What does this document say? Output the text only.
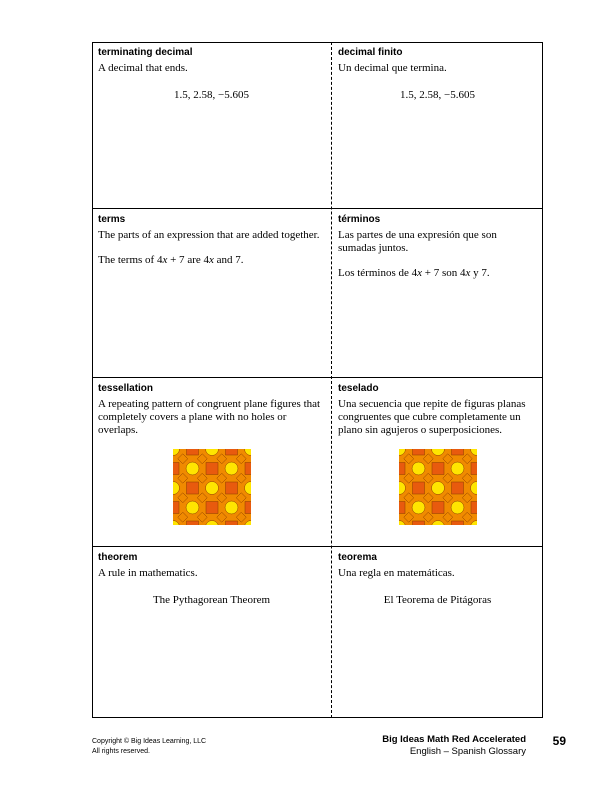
terminating decimal

A decimal that ends.

1.5, 2.58, −5.605
decimal finito

Un decimal que termina.

1.5, 2.58, −5.605
terms

The parts of an expression that are added together.

The terms of 4x + 7 are 4x and 7.
términos

Las partes de una expresión que son sumadas juntos.

Los términos de 4x + 7 son 4x y 7.
tessellation

A repeating pattern of congruent plane figures that completely covers a plane with no holes or overlaps.

teselado

Una secuencia que repite de figuras planas congruentes que cubre completamente un plano sin agujeros o superposiciones.

theorem

A rule in mathematics.

The Pythagorean Theorem
teorema

Una regla en matemáticas.

El Teorema de Pitágoras
Copyright © Big Ideas Learning, LLC
All rights reserved.
Big Ideas Math Red Accelerated
English – Spanish Glossary
59
